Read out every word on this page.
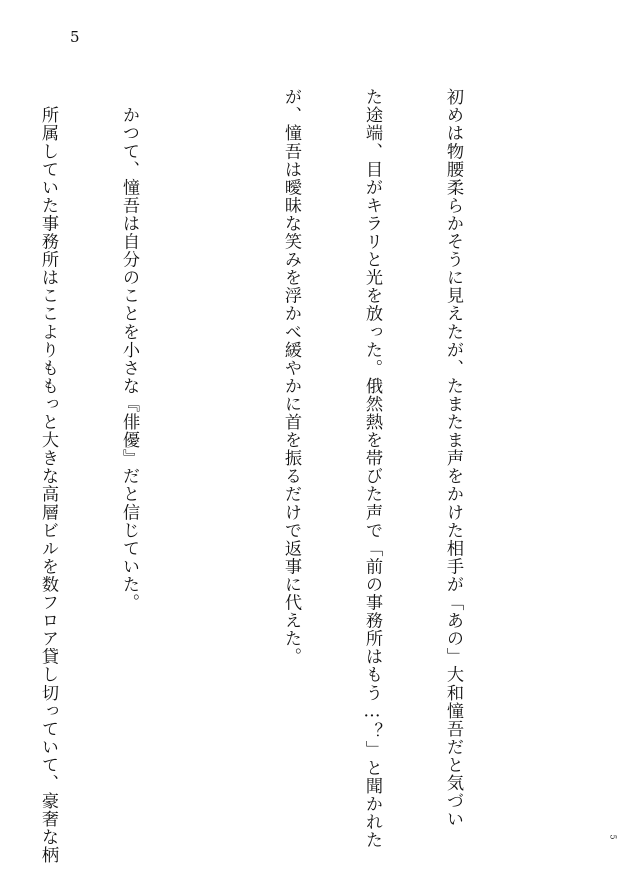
5

初めは物腰柔らかそうに見えたが、たまたま声をかけた相手が「あの」大和憧吾だと気づい

た途端、目がキラリと光を放った。俄然熱を帯びた声で「前の事務所はもう…？」と聞かれた

が、憧吾は曖昧な笑みを浮かべ緩やかに首を振るだけで返事に代えた。

　かつて、憧吾は自分のことを小さな『俳優』だと信じていた。

　所属していた事務所はここよりももっと大きな高層ビルを数フロア貸し切っていて、豪奢な柄

	5
